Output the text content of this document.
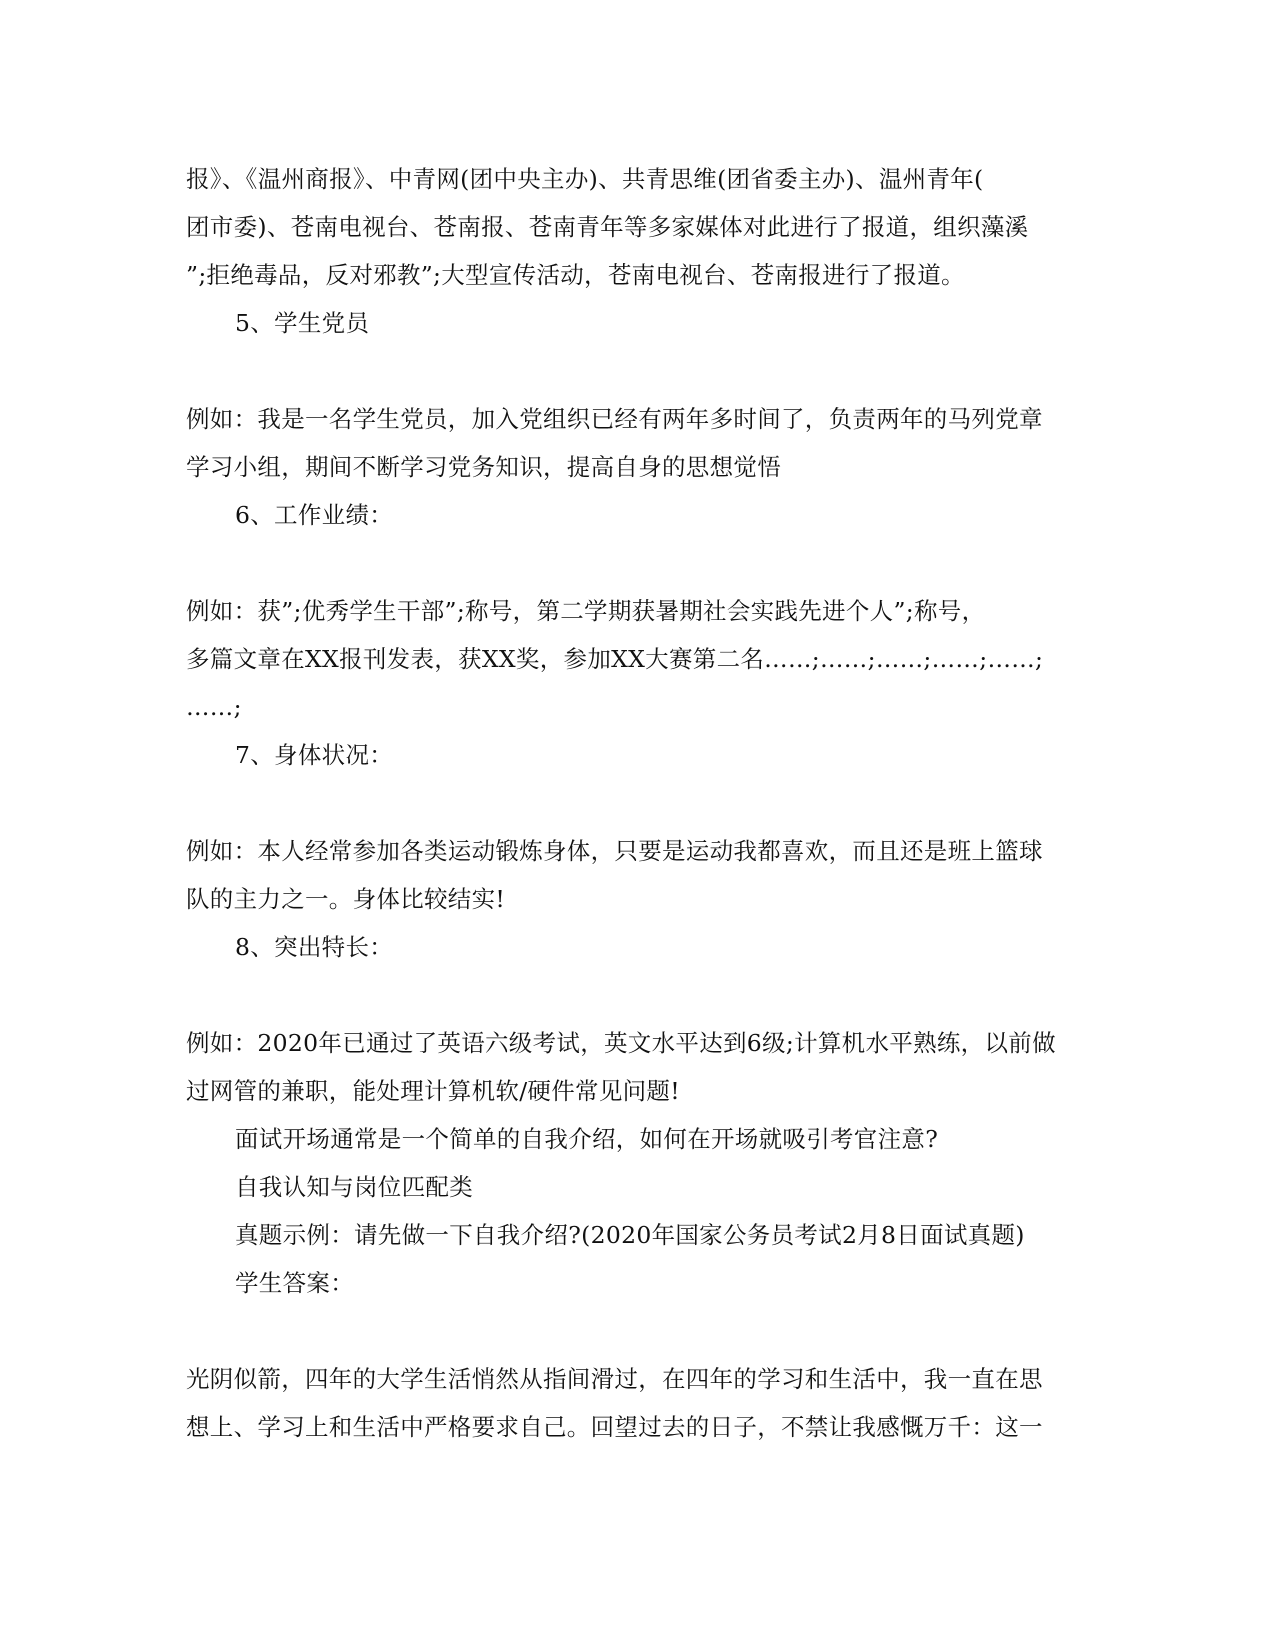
报》、《温州商报》、中青网(团中央主办)、共青思维(团省委主办)、温州青年(
团市委)、苍南电视台、苍南报、苍南青年等多家媒体对此进行了报道，组织藻溪
”;拒绝毒品，反对邪教”;大型宣传活动，苍南电视台、苍南报进行了报道。
5、学生党员
例如：我是一名学生党员，加入党组织已经有两年多时间了，负责两年的马列党章
学习小组，期间不断学习党务知识，提高自身的思想觉悟
6、工作业绩：
例如：获”;优秀学生干部”;称号，第二学期获暑期社会实践先进个人”;称号，
多篇文章在XX报刊发表，获XX奖，参加XX大赛第二名……;……;……;……;……;
……;
7、身体状况：
例如：本人经常参加各类运动锻炼身体，只要是运动我都喜欢，而且还是班上篮球
队的主力之一。身体比较结实!
8、突出特长：
例如：2020年已通过了英语六级考试，英文水平达到6级;计算机水平熟练，以前做
过网管的兼职，能处理计算机软/硬件常见问题!
面试开场通常是一个简单的自我介绍，如何在开场就吸引考官注意?
自我认知与岗位匹配类
真题示例：请先做一下自我介绍?(2020年国家公务员考试2月8日面试真题)
学生答案：
光阴似箭，四年的大学生活悄然从指间滑过，在四年的学习和生活中，我一直在思
想上、学习上和生活中严格要求自己。回望过去的日子，不禁让我感慨万千：这一
